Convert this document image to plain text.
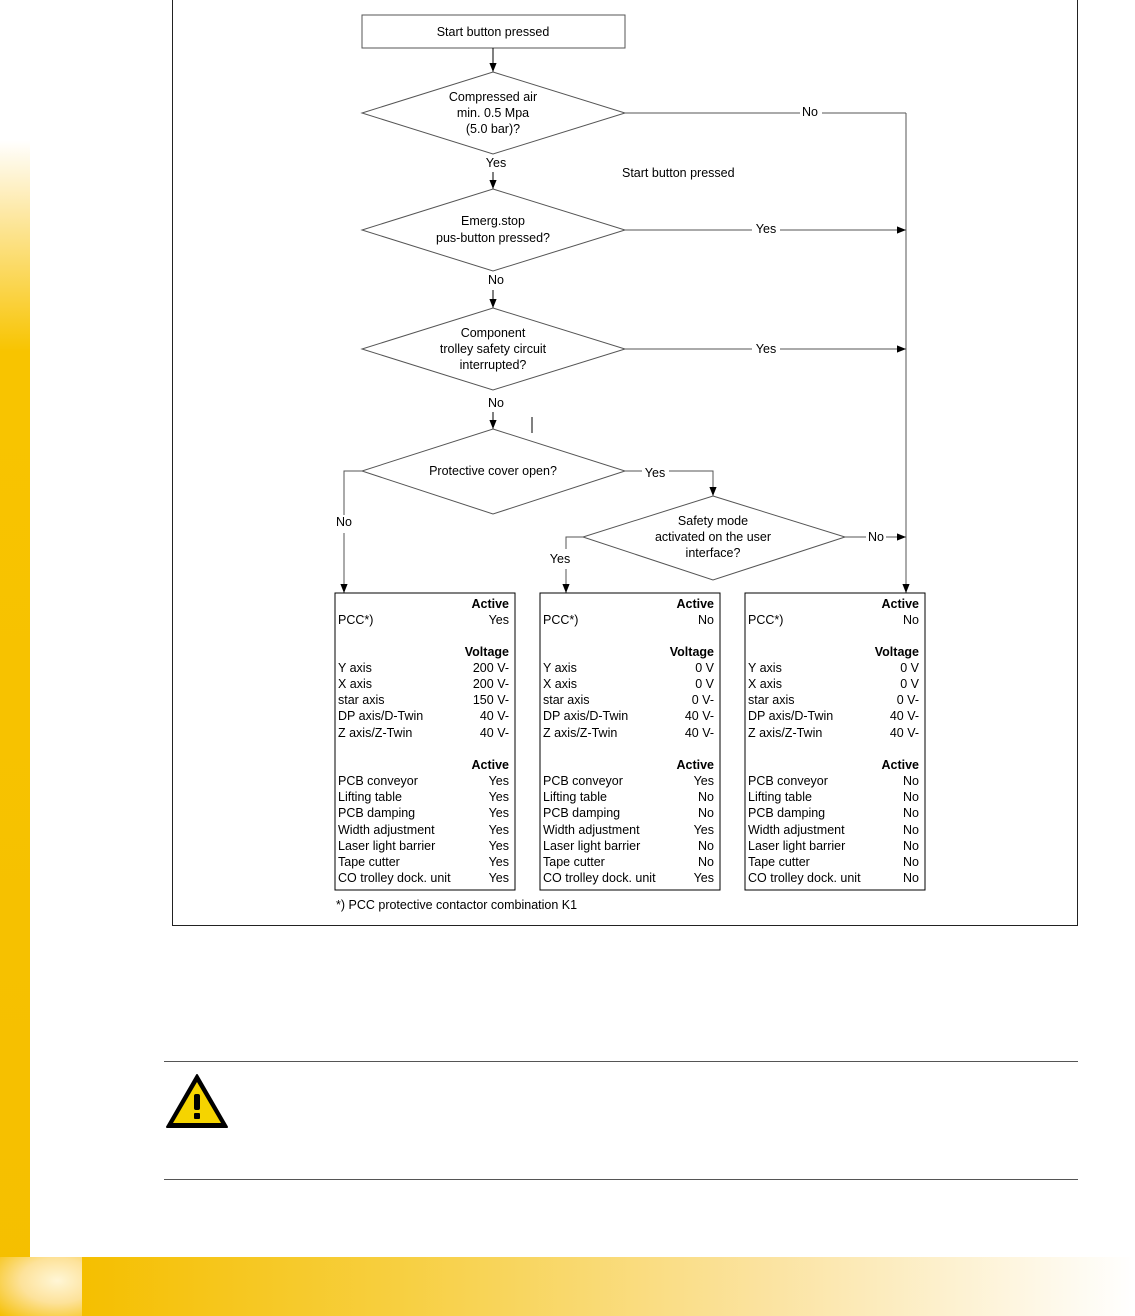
Start button pressed
Compressed air
min. 0.5 Mpa
(5.0 bar)?
Yes
Start button pressed
No
Emerg.stop
pus-button pressed?
Yes
No
Component
trolley safety circuit
interrupted?
Yes
No
Protective cover open?
No
Yes
Safety mode
activated on the user
interface?
No
Yes
Active
PCC*)	Yes
Voltage
Y axis	200 V-
X axis	200 V-
star axis	150 V-
DP axis/D-Twin	40 V-
Z axis/Z-Twin	40 V-
Active
PCB conveyor	Yes
Lifting table	Yes
PCB damping	Yes
Width adjustment	Yes
Laser light barrier	Yes
Tape cutter	Yes
CO trolley dock. unit	Yes
Active
PCC*)	No
Voltage
Y axis	0 V
X axis	0 V
star axis	0 V-
DP axis/D-Twin	40 V-
Z axis/Z-Twin	40 V-
Active
PCB conveyor	Yes
Lifting table	No
PCB damping	No
Width adjustment	Yes
Laser light barrier	No
Tape cutter	No
CO trolley dock. unit	Yes
Active
PCC*)	No
Voltage
Y axis	0 V
X axis	0 V
star axis	0 V-
DP axis/D-Twin	40 V-
Z axis/Z-Twin	40 V-
Active
PCB conveyor	No
Lifting table	No
PCB damping	No
Width adjustment	No
Laser light barrier	No
Tape cutter	No
CO trolley dock. unit	No
*) PCC protective contactor combination K1
